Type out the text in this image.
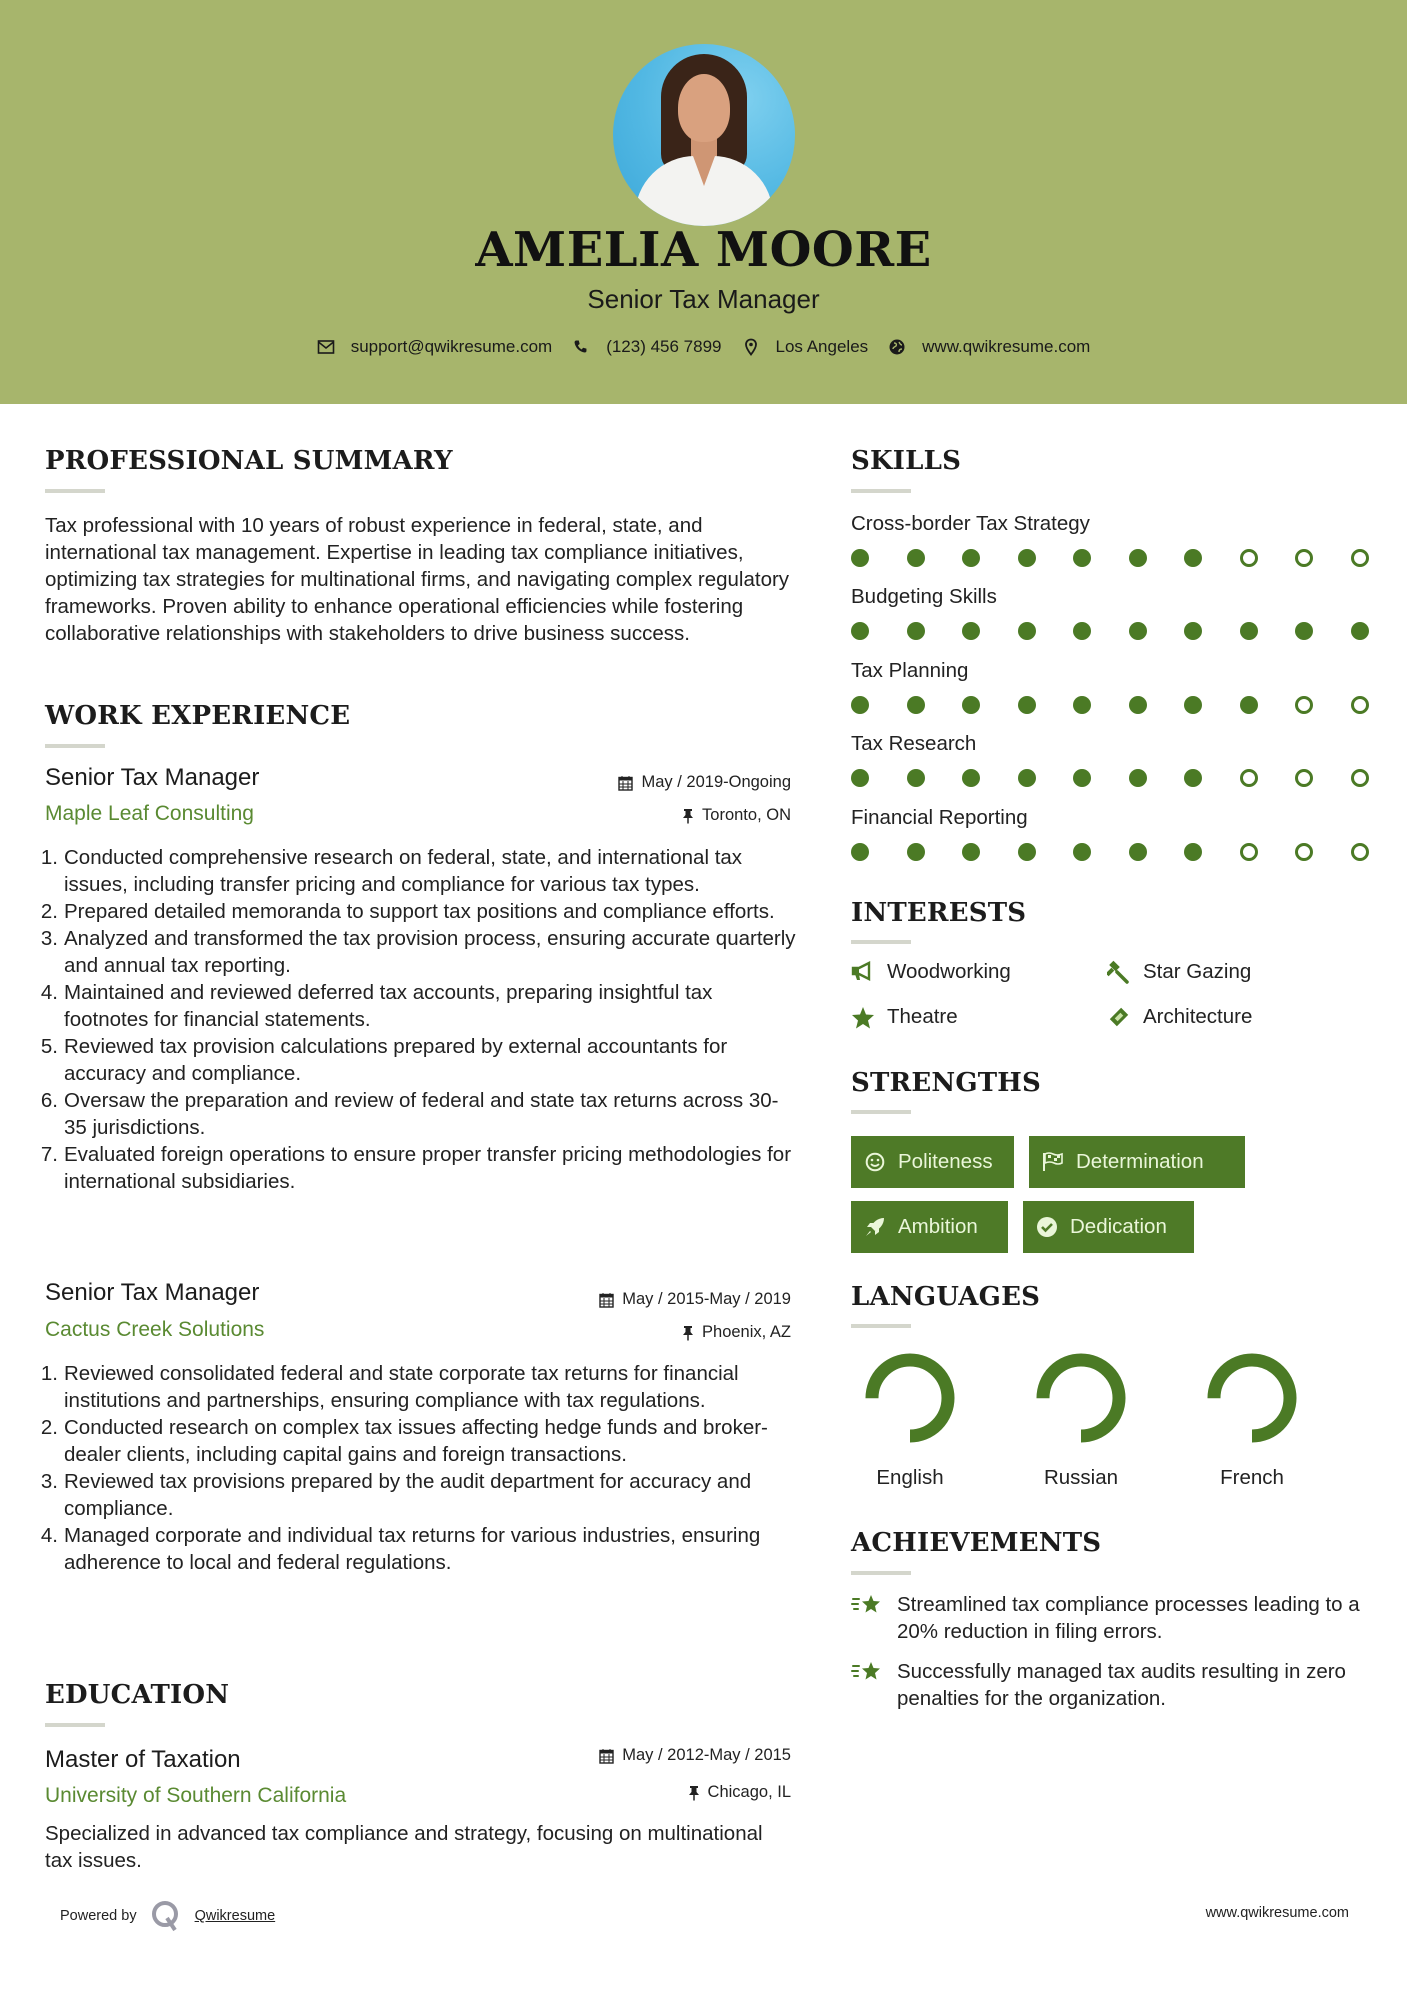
AMELIA MOORE
Senior Tax Manager
support@qwikresume.com	(123) 456 7899	Los Angeles	www.qwikresume.com
PROFESSIONAL SUMMARY
Tax professional with 10 years of robust experience in federal, state, and international tax management. Expertise in leading tax compliance initiatives, optimizing tax strategies for multinational firms, and navigating complex regulatory frameworks. Proven ability to enhance operational efficiencies while fostering collaborative relationships with stakeholders to drive business success.
WORK EXPERIENCE
Senior Tax Manager	May / 2019-Ongoing
Maple Leaf Consulting	Toronto, ON
1. Conducted comprehensive research on federal, state, and international tax issues, including transfer pricing and compliance for various tax types.
2. Prepared detailed memoranda to support tax positions and compliance efforts.
3. Analyzed and transformed the tax provision process, ensuring accurate quarterly and annual tax reporting.
4. Maintained and reviewed deferred tax accounts, preparing insightful tax footnotes for financial statements.
5. Reviewed tax provision calculations prepared by external accountants for accuracy and compliance.
6. Oversaw the preparation and review of federal and state tax returns across 30-35 jurisdictions.
7. Evaluated foreign operations to ensure proper transfer pricing methodologies for international subsidiaries.
Senior Tax Manager	May / 2015-May / 2019
Cactus Creek Solutions	Phoenix, AZ
1. Reviewed consolidated federal and state corporate tax returns for financial institutions and partnerships, ensuring compliance with tax regulations.
2. Conducted research on complex tax issues affecting hedge funds and broker-dealer clients, including capital gains and foreign transactions.
3. Reviewed tax provisions prepared by the audit department for accuracy and compliance.
4. Managed corporate and individual tax returns for various industries, ensuring adherence to local and federal regulations.
EDUCATION
Master of Taxation	May / 2012-May / 2015
University of Southern California	Chicago, IL
Specialized in advanced tax compliance and strategy, focusing on multinational tax issues.
SKILLS
Cross-border Tax Strategy
Budgeting Skills
Tax Planning
Tax Research
Financial Reporting
INTERESTS
Woodworking	Star Gazing
Theatre	Architecture
STRENGTHS
Politeness	Determination
Ambition	Dedication
LANGUAGES
English	Russian	French
ACHIEVEMENTS
Streamlined tax compliance processes leading to a 20% reduction in filing errors.
Successfully managed tax audits resulting in zero penalties for the organization.
Powered by	Qwikresume	www.qwikresume.com
